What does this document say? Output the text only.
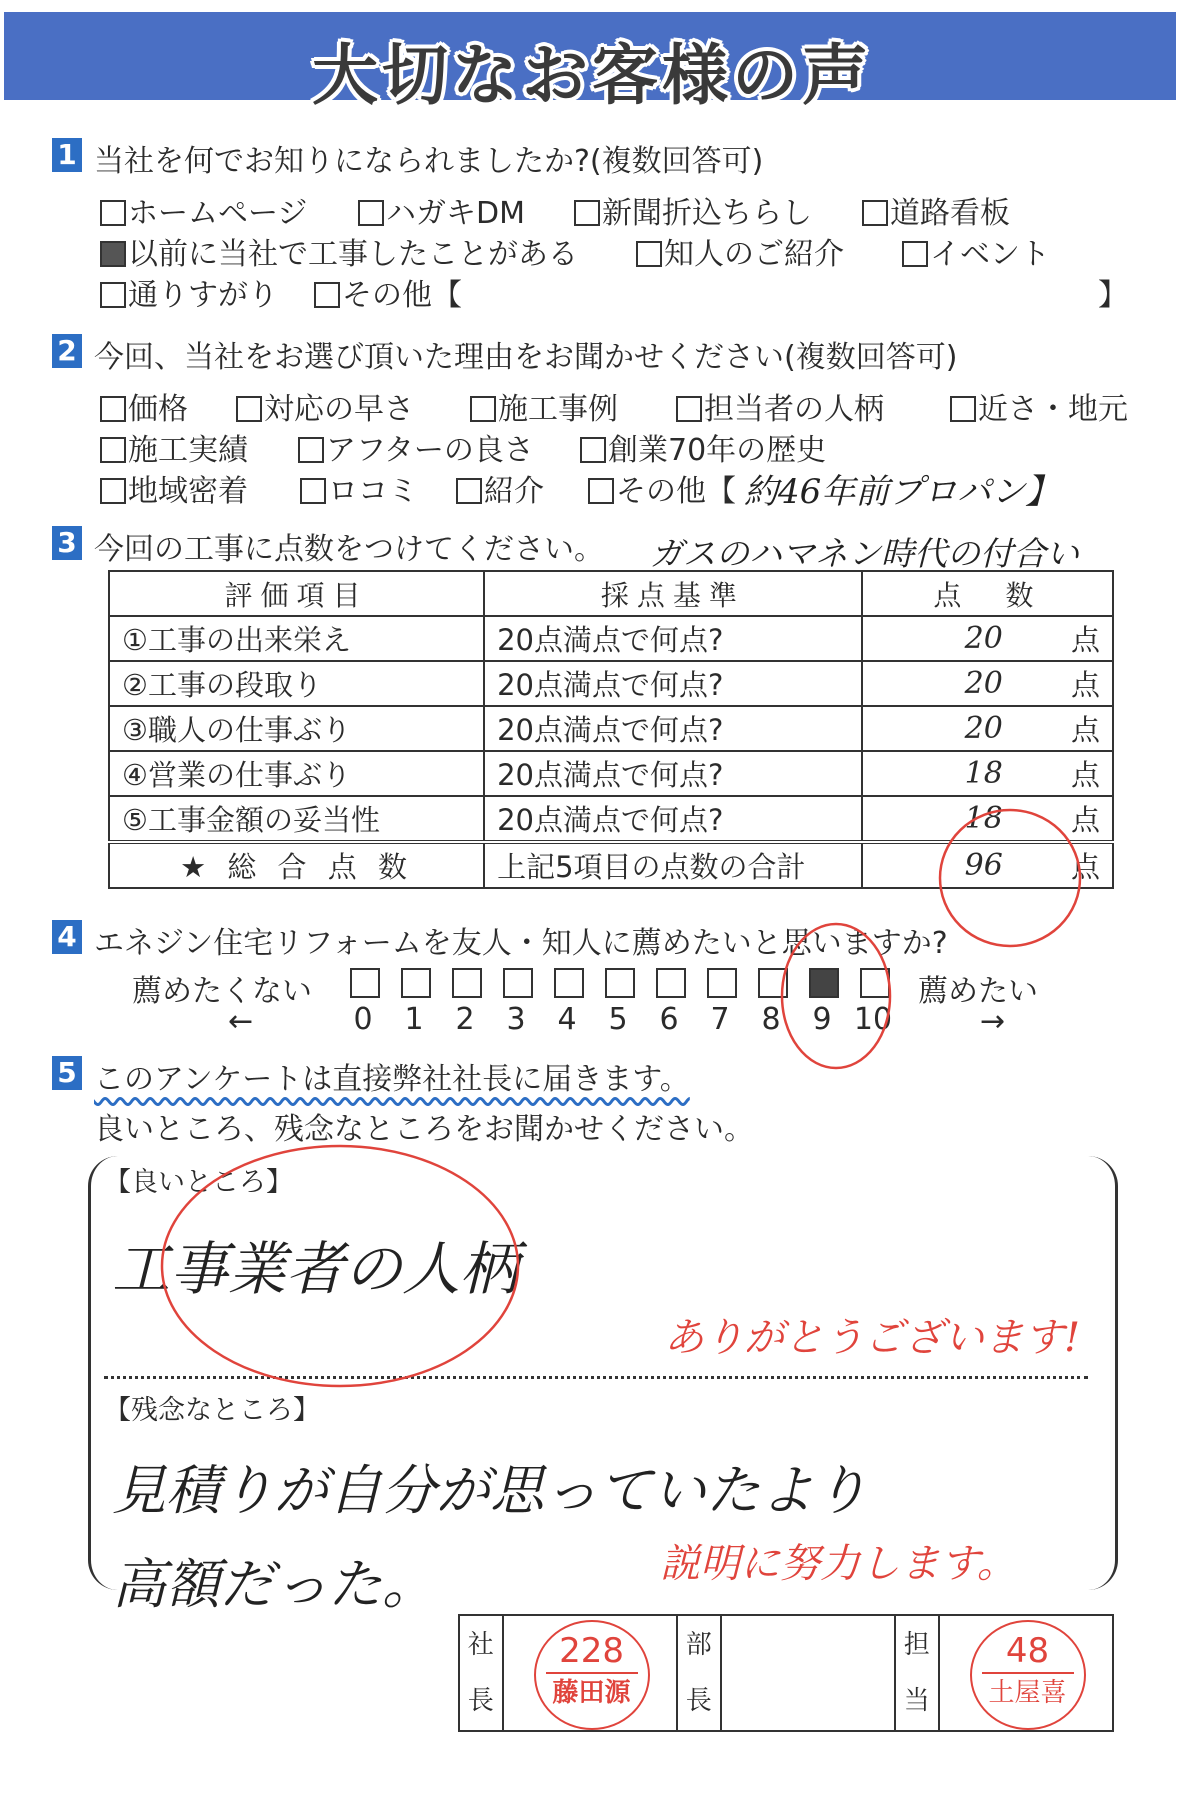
大切なお客様の声
1 当社を何でお知りになられましたか?(複数回答可)
ホームページ	ハガキDM	新聞折込ちらし	道路看板
以前に当社で工事したことがある	知人のご紹介	イベント
通りすがり	その他【	】
2 今回、当社をお選び頂いた理由をお聞かせください(複数回答可)
価格	対応の早さ	施工事例	担当者の人柄	近さ・地元
施工実績	アフターの良さ	創業70年の歴史
地域密着	ロコミ	紹介	その他【 約46年前プロパン】
ガスのハマネン時代の付合い
3 今回の工事に点数をつけてください。
評価項目	採点基準	点　数
①工事の出来栄え	20点満点で何点?	20 点

②工事の段取り	20点満点で何点?	20 点

③職人の仕事ぶり	20点満点で何点?	20 点

④営業の仕事ぶり	20点満点で何点?	18 点

⑤工事金額の妥当性	20点満点で何点?	18 点

★ 総 合 点 数	上記5項目の点数の合計	96 点
4 エネジン住宅リフォームを友人・知人に薦めたいと思いますか?
薦めたくない	薦めたい
←	→
0	1	2	3	4	5	6	7	8	9 10
5 このアンケートは直接弊社社長に届きます。
良いところ、残念なところをお聞かせください。
【良いところ】
工事業者の人柄
ありがとうございます!
【残念なところ】
見積りが自分が思っていたより
高額だった。	説明に努力します。
社
長

228
藤田源

部
長

担
当

48
土屋喜
